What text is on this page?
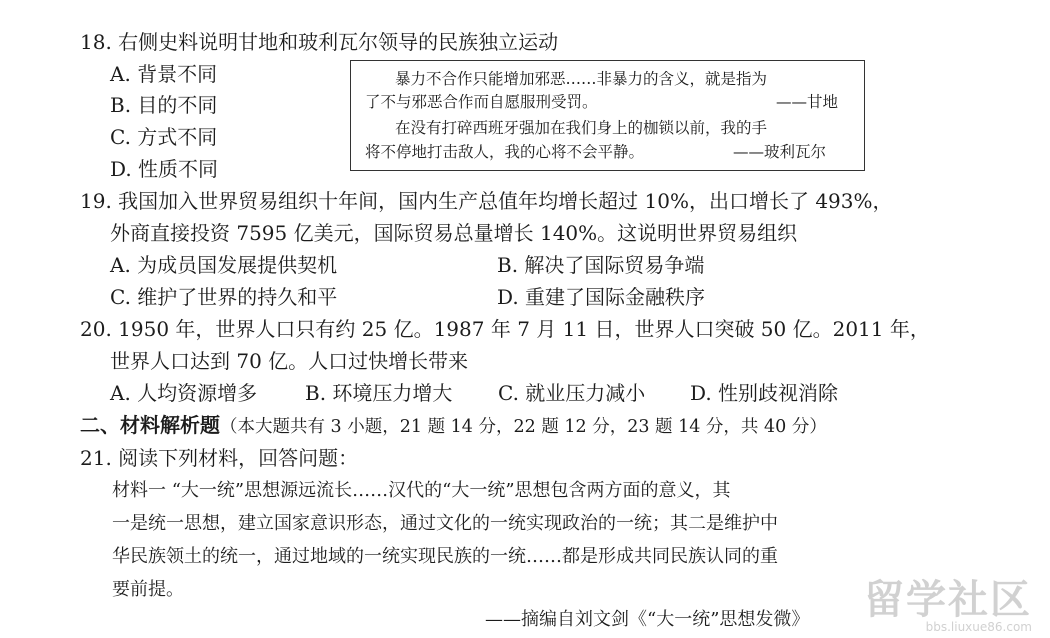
18. 右侧史料说明甘地和玻利瓦尔领导的民族独立运动
A. 背景不同
B. 目的不同
C. 方式不同
D. 性质不同
暴力不合作只能增加邪恶……非暴力的含义，就是指为
了不与邪恶合作而自愿服刑受罚。	——甘地
在没有打碎西班牙强加在我们身上的枷锁以前，我的手
将不停地打击敌人，我的心将不会平静。	——玻利瓦尔
19. 我国加入世界贸易组织十年间，国内生产总值年均增长超过 10%，出口增长了 493%，
外商直接投资 7595 亿美元，国际贸易总量增长 140%。这说明世界贸易组织
A. 为成员国发展提供契机	B. 解决了国际贸易争端
C. 维护了世界的持久和平	D. 重建了国际金融秩序
20. 1950 年，世界人口只有约 25 亿。1987 年 7 月 11 日，世界人口突破 50 亿。2011 年，
世界人口达到 70 亿。人口过快增长带来
A. 人均资源增多 B. 环境压力增大 C. 就业压力减小 D. 性别歧视消除
二、材料解析题（本大题共有 3 小题，21 题 14 分，22 题 12 分，23 题 14 分，共 40 分）
21. 阅读下列材料，回答问题：
材料一 “大一统”思想源远流长……汉代的“大一统”思想包含两方面的意义，其
一是统一思想，建立国家意识形态，通过文化的一统实现政治的一统；其二是维护中
华民族领土的统一，通过地域的一统实现民族的一统……都是形成共同民族认同的重
要前提。
——摘编自刘文剑《“大一统”思想发微》 留学社区
bbs.liuxue86.com
